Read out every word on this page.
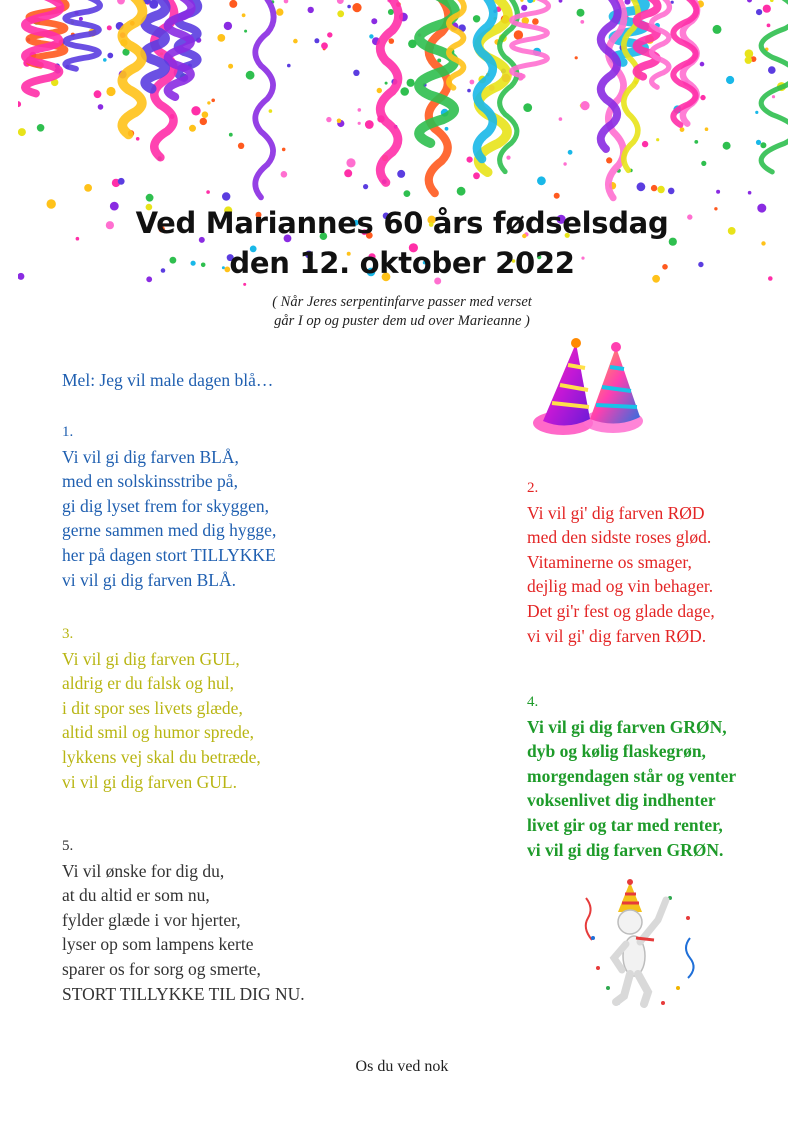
Ved Mariannes 60 års fødselsdag
den 12. oktober 2022
( Når Jeres serpentinfarve passer med verset
går I op og puster dem ud over Marieanne )
Mel: Jeg vil male dagen blå…
1.
Vi vil gi dig farven BLÅ,
med en solskinsstribe på,
gi dig lyset frem for skyggen,
gerne sammen med dig hygge,
her på dagen stort TILLYKKE
vi vil gi dig farven BLÅ.
2.
Vi vil gi' dig farven RØD
med den sidste roses glød.
Vitaminerne os smager,
dejlig mad og vin behager.
Det gi'r fest og glade dage,
vi vil gi' dig farven RØD.
3.
Vi vil gi dig farven GUL,
aldrig er du falsk og hul,
i dit spor ses livets glæde,
altid smil og humor sprede,
lykkens vej skal du betræde,
vi vil gi dig farven GUL.
4.
Vi vil gi dig farven GRØN,
dyb og kølig flaskegrøn,
morgendagen står og venter
voksenlivet dig indhenter
livet gir og tar med renter,
vi vil gi dig farven GRØN.
5.
Vi vil ønske for dig du,
at du altid er som nu,
fylder glæde i vor hjerter,
lyser op som lampens kerte
sparer os for sorg og smerte,
STORT TILLYKKE TIL DIG NU.
Os du ved nok
